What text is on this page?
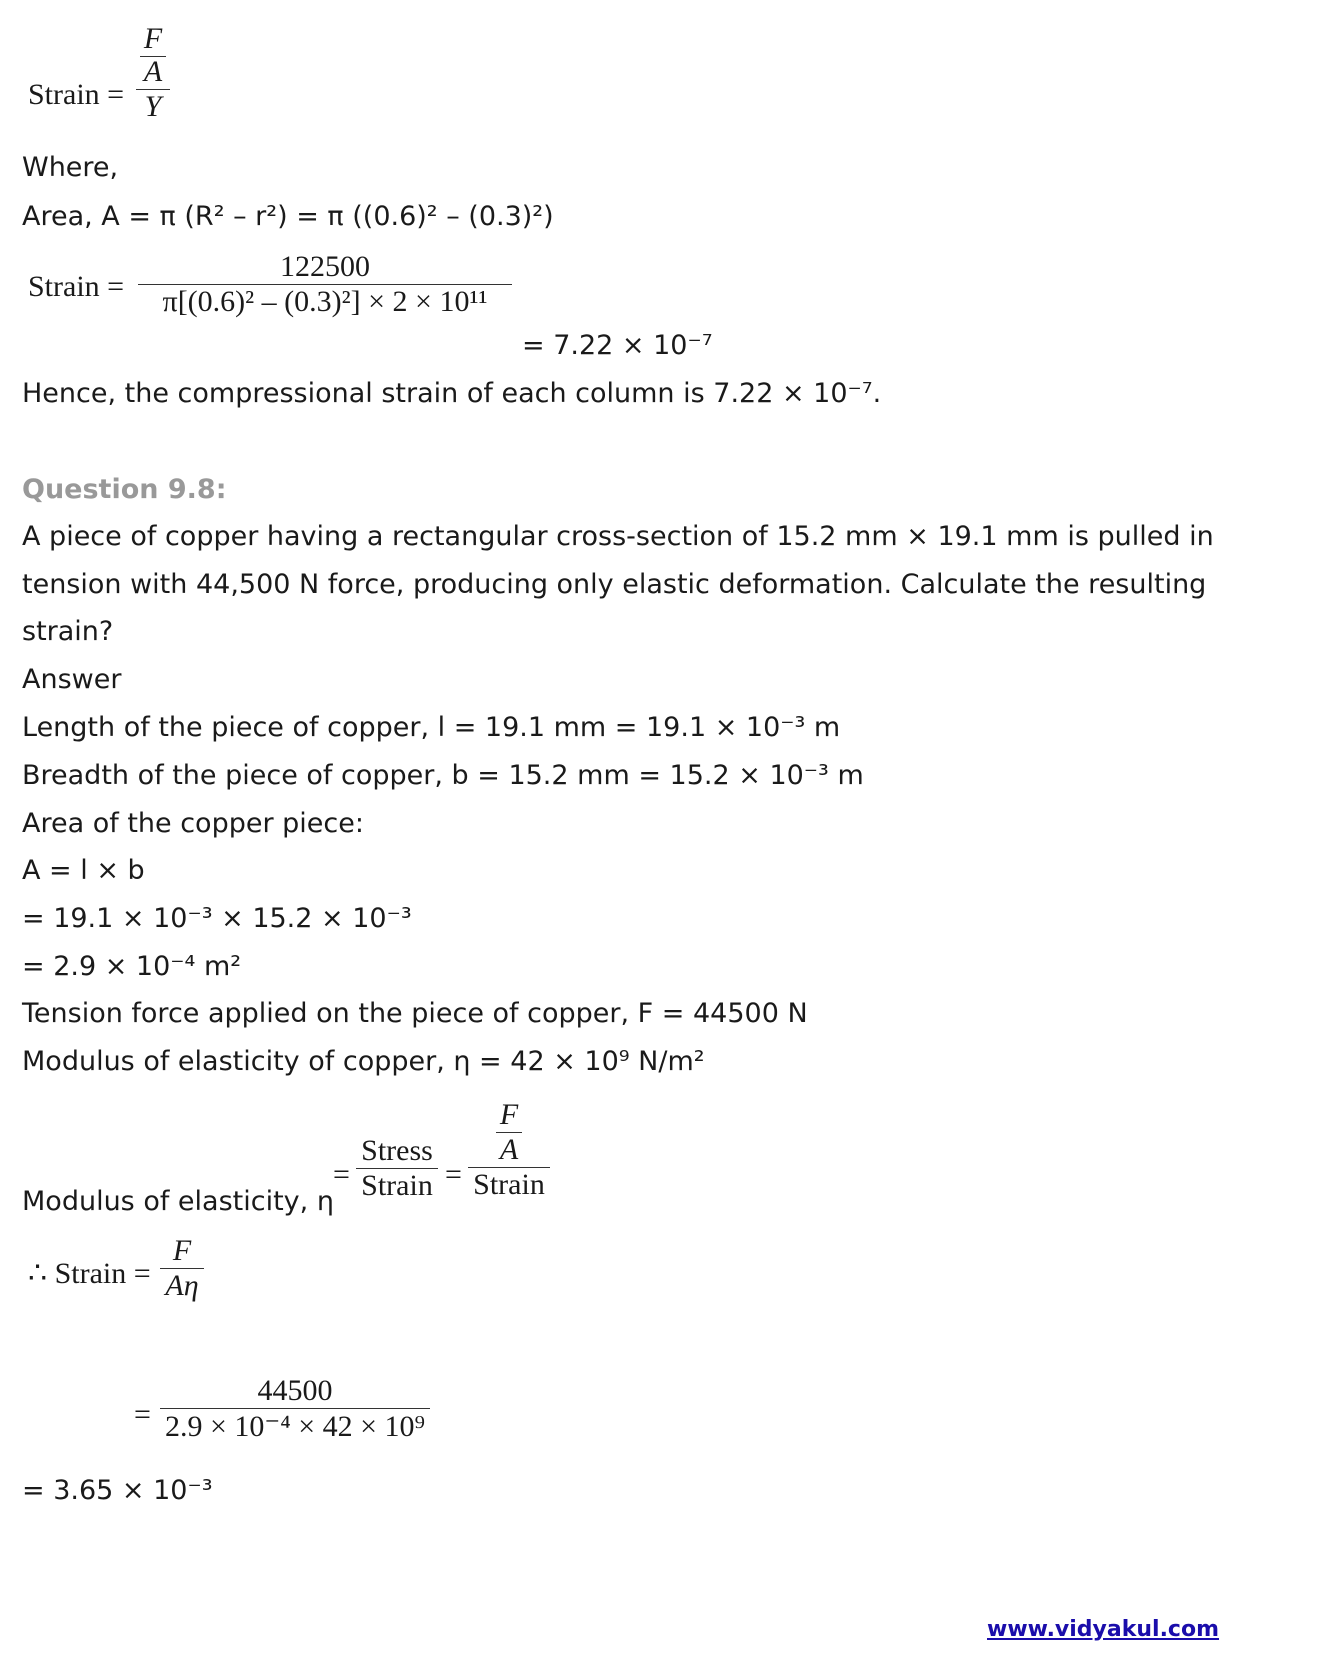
Strain =
F
A
Y
Where,
Area, A = π (R² – r²) = π ((0.6)² – (0.3)²)
Strain =
122500
π[(0.6)² – (0.3)²] × 2 × 10¹¹
= 7.22 × 10⁻⁷
Hence, the compressional strain of each column is 7.22 × 10⁻⁷.
Question 9.8:
A piece of copper having a rectangular cross-section of 15.2 mm × 19.1 mm is pulled in
tension with 44,500 N force, producing only elastic deformation. Calculate the resulting
strain?
Answer
Length of the piece of copper, l = 19.1 mm = 19.1 × 10⁻³ m
Breadth of the piece of copper, b = 15.2 mm = 15.2 × 10⁻³ m
Area of the copper piece:
A = l × b
= 19.1 × 10⁻³ × 15.2 × 10⁻³
= 2.9 × 10⁻⁴ m²
Tension force applied on the piece of copper, F = 44500 N
Modulus of elasticity of copper, η = 42 × 10⁹ N/m²
Modulus of elasticity, η
=
Stress
Strain =
F
A
Strain
∴ Strain =
F
Aη
=
44500
2.9 × 10⁻⁴ × 42 × 10⁹
= 3.65 × 10⁻³
www.vidyakul.com
